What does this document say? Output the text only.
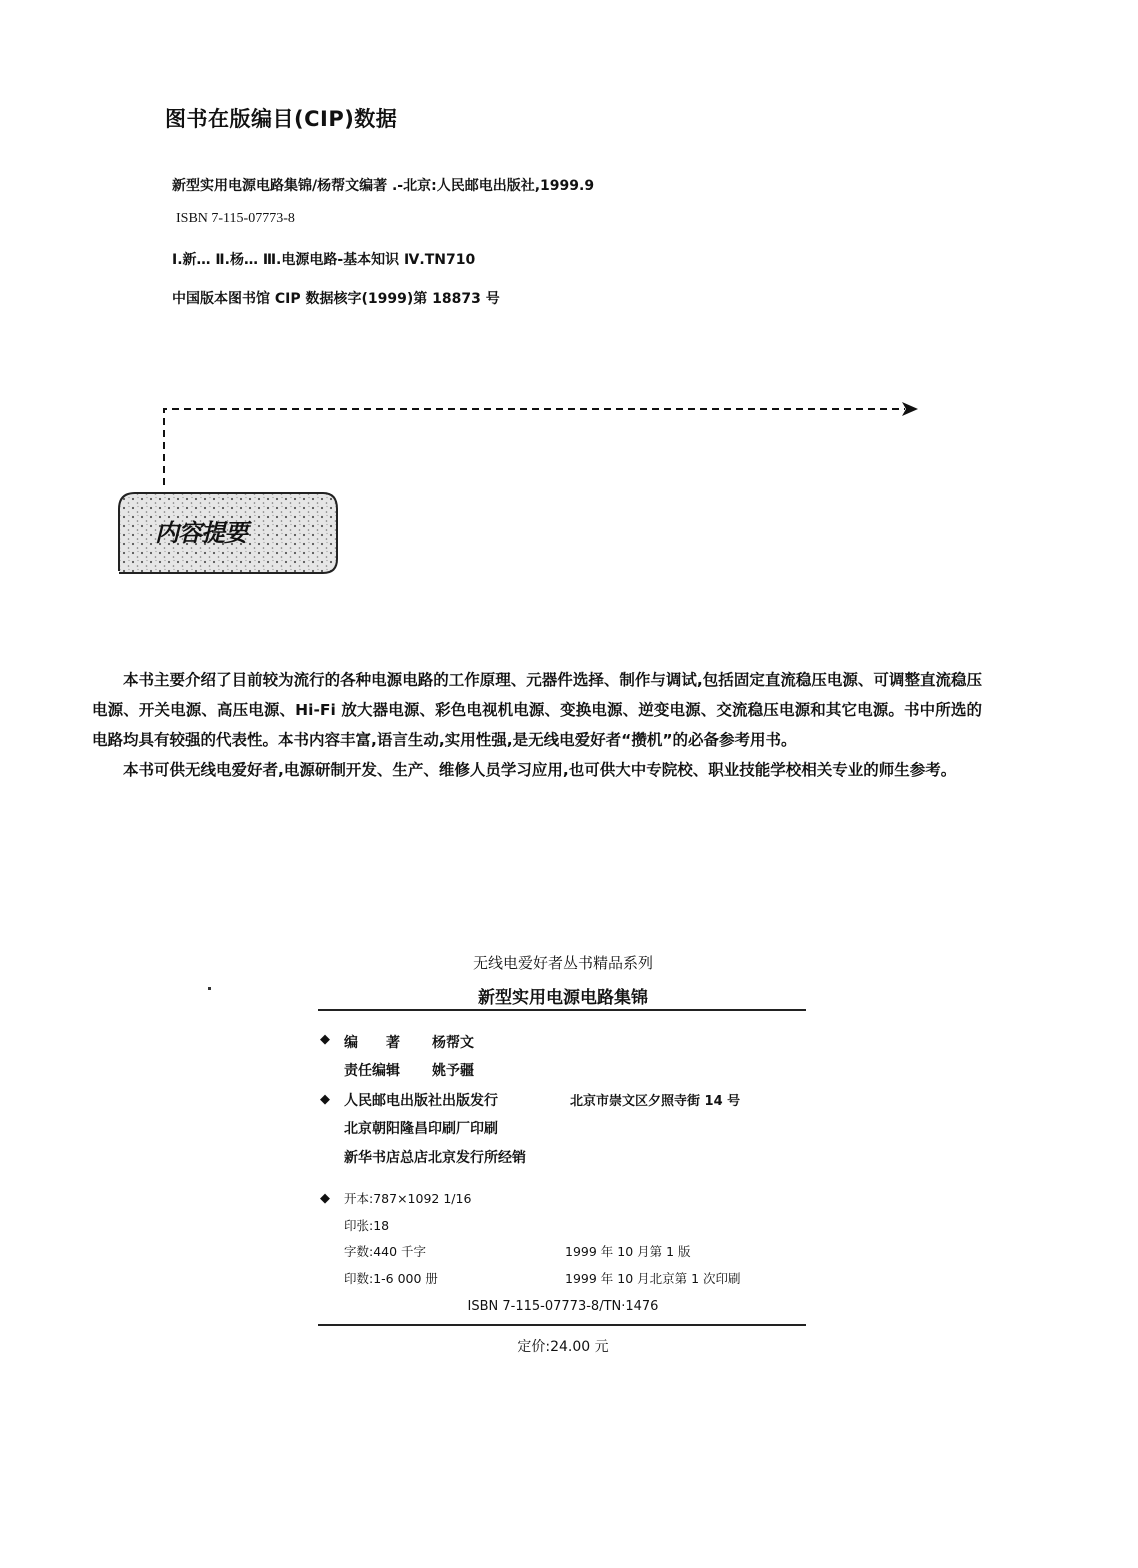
图书在版编目(CIP)数据
新型实用电源电路集锦/杨帮文编著 .-北京:人民邮电出版社,1999.9
ISBN 7-115-07773-8
Ⅰ.新… Ⅱ.杨… Ⅲ.电源电路-基本知识 Ⅳ.TN710
中国版本图书馆 CIP 数据核字(1999)第 18873 号
内容提要

本书主要介绍了目前较为流行的各种电源电路的工作原理、元器件选择、制作与调试,包括固定直流稳压电源、可调整直流稳压电源、开关电源、高压电源、Hi-Fi 放大器电源、彩色电视机电源、变换电源、逆变电源、交流稳压电源和其它电源。书中所选的电路均具有较强的代表性。本书内容丰富,语言生动,实用性强,是无线电爱好者“攒机”的必备参考用书。

本书可供无线电爱好者,电源研制开发、生产、维修人员学习应用,也可供大中专院校、职业技能学校相关专业的师生参考。

无线电爱好者丛书精品系列
新型实用电源电路集锦
◆ 编　　著 杨帮文
责任编辑 姚予疆
◆ 人民邮电出版社出版发行	北京市崇文区夕照寺街 14 号
北京朝阳隆昌印刷厂印刷
新华书店总店北京发行所经销
◆ 开本:787×1092 1/16
印张:18
字数:440 千字	1999 年 10 月第 1 版
印数:1-6 000 册	1999 年 10 月北京第 1 次印刷
ISBN 7-115-07773-8/TN·1476
定价:24.00 元
